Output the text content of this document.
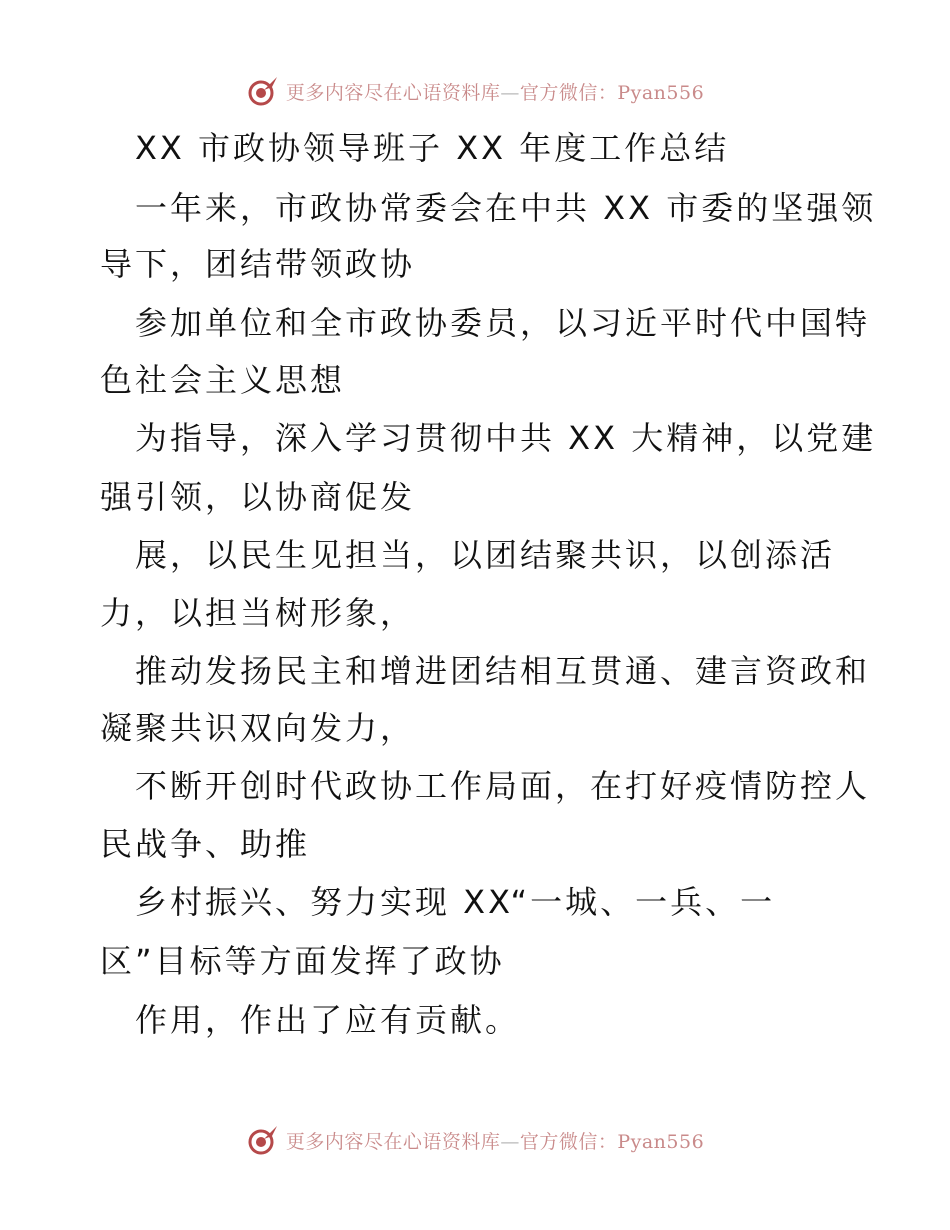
更多内容尽在心语资料库—官方微信：Pyan556
XX 市政协领导班子 XX 年度工作总结
一年来，市政协常委会在中共 XX 市委的坚强领
导下，团结带领政协
参加单位和全市政协委员，以习近平时代中国特
色社会主义思想
为指导，深入学习贯彻中共 XX 大精神，以党建
强引领，以协商促发
展，以民生见担当，以团结聚共识，以创添活
力，以担当树形象，
推动发扬民主和增进团结相互贯通、建言资政和
凝聚共识双向发力，
不断开创时代政协工作局面，在打好疫情防控人
民战争、助推
乡村振兴、努力实现 XX“一城、一兵、一
区”目标等方面发挥了政协
作用，作出了应有贡献。
更多内容尽在心语资料库—官方微信：Pyan556
